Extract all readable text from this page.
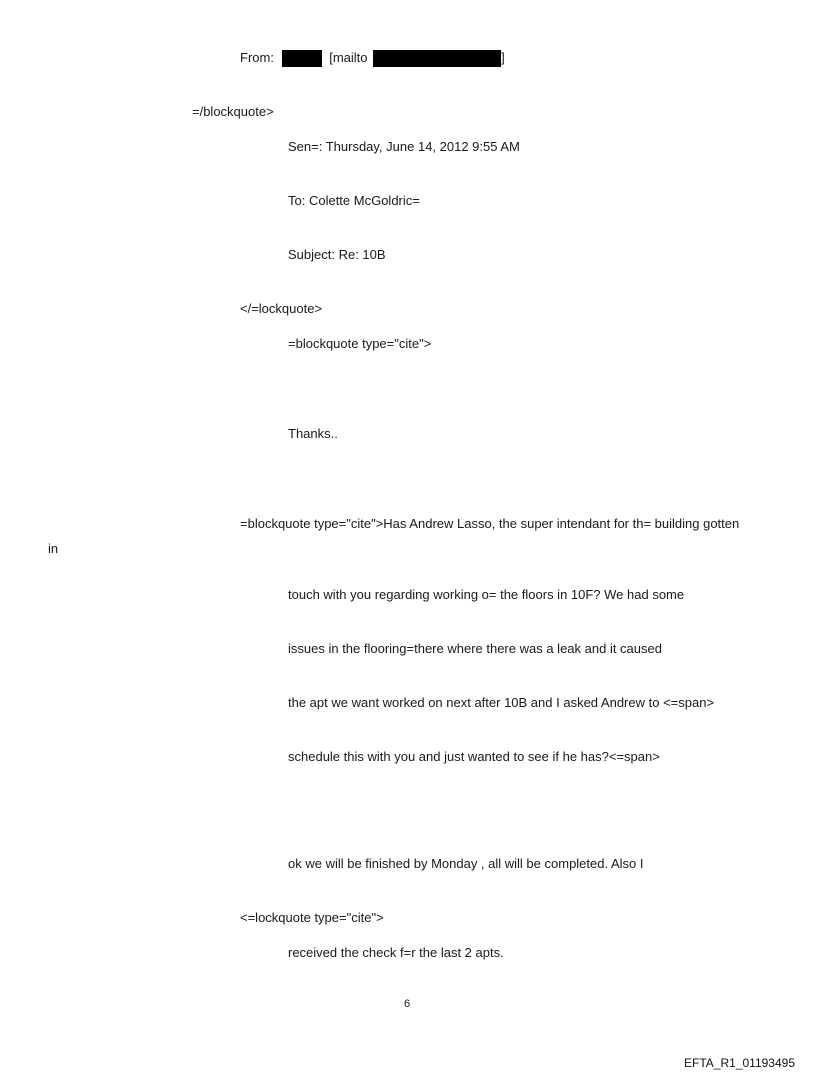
From:	[mailto	]
=/blockquote>
Sen=: Thursday, June 14, 2012 9:55 AM
To: Colette McGoldric=
Subject: Re: 10B
</=lockquote>
=blockquote type="cite">
Thanks..
=blockquote type="cite">Has Andrew Lasso, the super intendant for th= building gotten
in
touch with you regarding working o= the floors in 10F? We had some
issues in the flooring=there where there was a leak and it caused
the apt we want worked on next after 10B and I asked Andrew to <=span>
schedule this with you and just wanted to see if he has?<=span>
ok we will be finished by Monday , all will be completed. Also I
<=lockquote type="cite">
received the check f=r the last 2 apts.
6
EFTA_R1_01193495
